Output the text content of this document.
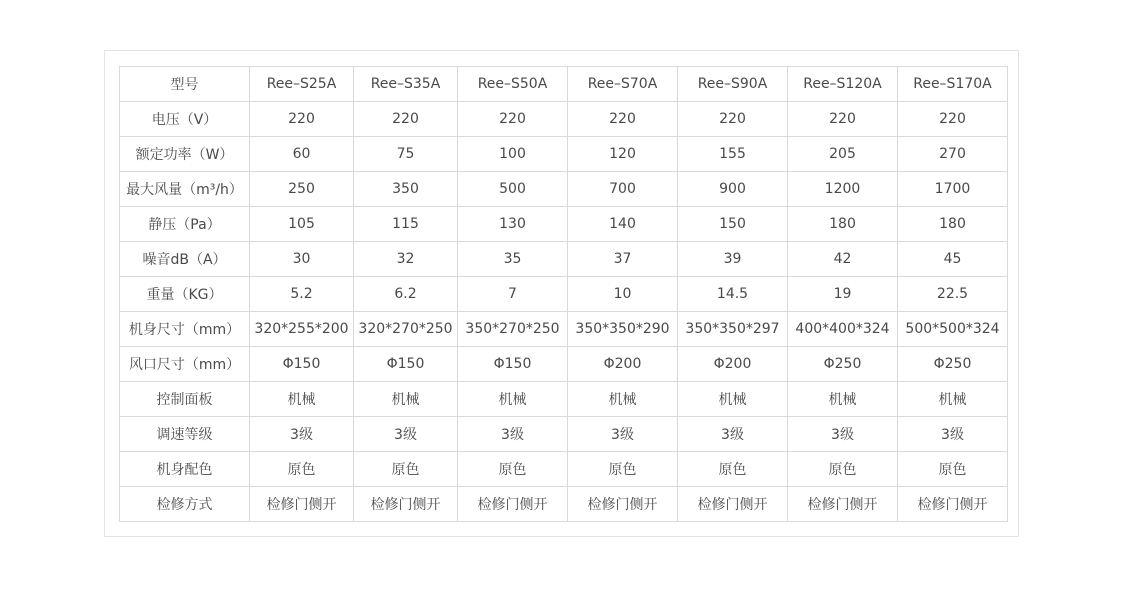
型号	Ree–S25A	Ree–S35A	Ree–S50A	Ree–S70A	Ree–S90A	Ree–S120A	Ree–S170A
电压（V）	220	220	220	220	220	220	220
额定功率（W）	60	75	100	120	155	205	270
最大风量（m³/h）	250	350	500	700	900	1200	1700
静压（Pa）	105	115	130	140	150	180	180
噪音dB（A）	30	32	35	37	39	42	45
重量（KG）	5.2	6.2	7	10	14.5	19	22.5
机身尺寸（mm）	320*255*200	320*270*250	350*270*250	350*350*290	350*350*297	400*400*324	500*500*324
风口尺寸（mm）	Φ150	Φ150	Φ150	Φ200	Φ200	Φ250	Φ250
控制面板	机械	机械	机械	机械	机械	机械	机械
调速等级	3级	3级	3级	3级	3级	3级	3级
机身配色	原色	原色	原色	原色	原色	原色	原色
检修方式	检修门侧开	检修门侧开	检修门侧开	检修门侧开	检修门侧开	检修门侧开	检修门侧开
